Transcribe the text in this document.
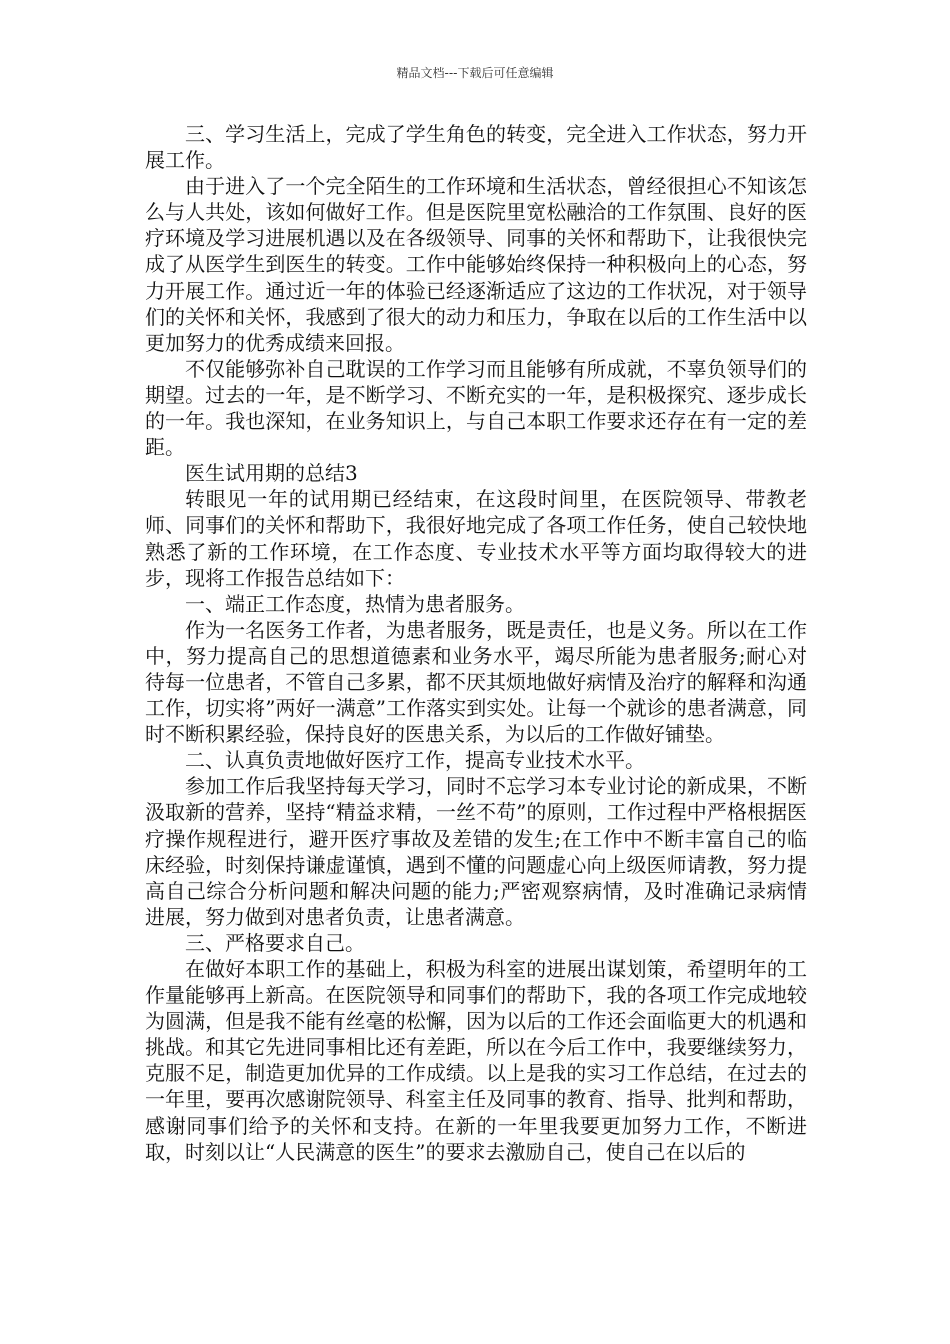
精品文档---下载后可任意编辑

三、学习生活上，完成了学生角色的转变，完全进入工作状态，努力开展工作。

由于进入了一个完全陌生的工作环境和生活状态，曾经很担心不知该怎么与人共处，该如何做好工作。但是医院里宽松融洽的工作氛围、良好的医疗环境及学习进展机遇以及在各级领导、同事的关怀和帮助下，让我很快完成了从医学生到医生的转变。工作中能够始终保持一种积极向上的心态，努力开展工作。通过近一年的体验已经逐渐适应了这边的工作状况，对于领导们的关怀和关怀，我感到了很大的动力和压力，争取在以后的工作生活中以更加努力的优秀成绩来回报。

不仅能够弥补自己耽误的工作学习而且能够有所成就，不辜负领导们的期望。过去的一年，是不断学习、不断充实的一年，是积极探究、逐步成长的一年。我也深知，在业务知识上，与自己本职工作要求还存在有一定的差距。

医生试用期的总结3

转眼见一年的试用期已经结束，在这段时间里，在医院领导、带教老师、同事们的关怀和帮助下，我很好地完成了各项工作任务，使自己较快地熟悉了新的工作环境，在工作态度、专业技术水平等方面均取得较大的进步，现将工作报告总结如下：

一、端正工作态度，热情为患者服务。

作为一名医务工作者，为患者服务，既是责任，也是义务。所以在工作中，努力提高自己的思想道德素和业务水平，竭尽所能为患者服务;耐心对待每一位患者，不管自己多累，都不厌其烦地做好病情及治疗的解释和沟通工作，切实将”两好一满意”工作落实到实处。让每一个就诊的患者满意，同时不断积累经验，保持良好的医患关系，为以后的工作做好铺垫。

二、认真负责地做好医疗工作，提高专业技术水平。

参加工作后我坚持每天学习，同时不忘学习本专业讨论的新成果，不断汲取新的营养，坚持“精益求精，一丝不苟”的原则，工作过程中严格根据医疗操作规程进行，避开医疗事故及差错的发生;在工作中不断丰富自己的临床经验，时刻保持谦虚谨慎，遇到不懂的问题虚心向上级医师请教，努力提高自己综合分析问题和解决问题的能力;严密观察病情，及时准确记录病情进展，努力做到对患者负责，让患者满意。

三、严格要求自己。

在做好本职工作的基础上，积极为科室的进展出谋划策，希望明年的工作量能够再上新高。在医院领导和同事们的帮助下，我的各项工作完成地较为圆满，但是我不能有丝毫的松懈，因为以后的工作还会面临更大的机遇和挑战。和其它先进同事相比还有差距，所以在今后工作中，我要继续努力，克服不足，制造更加优异的工作成绩。以上是我的实习工作总结，在过去的一年里，要再次感谢院领导、科室主任及同事的教育、指导、批判和帮助，感谢同事们给予的关怀和支持。在新的一年里我要更加努力工作，不断进取，时刻以让“人民满意的医生”的要求去激励自己，使自己在以后的
